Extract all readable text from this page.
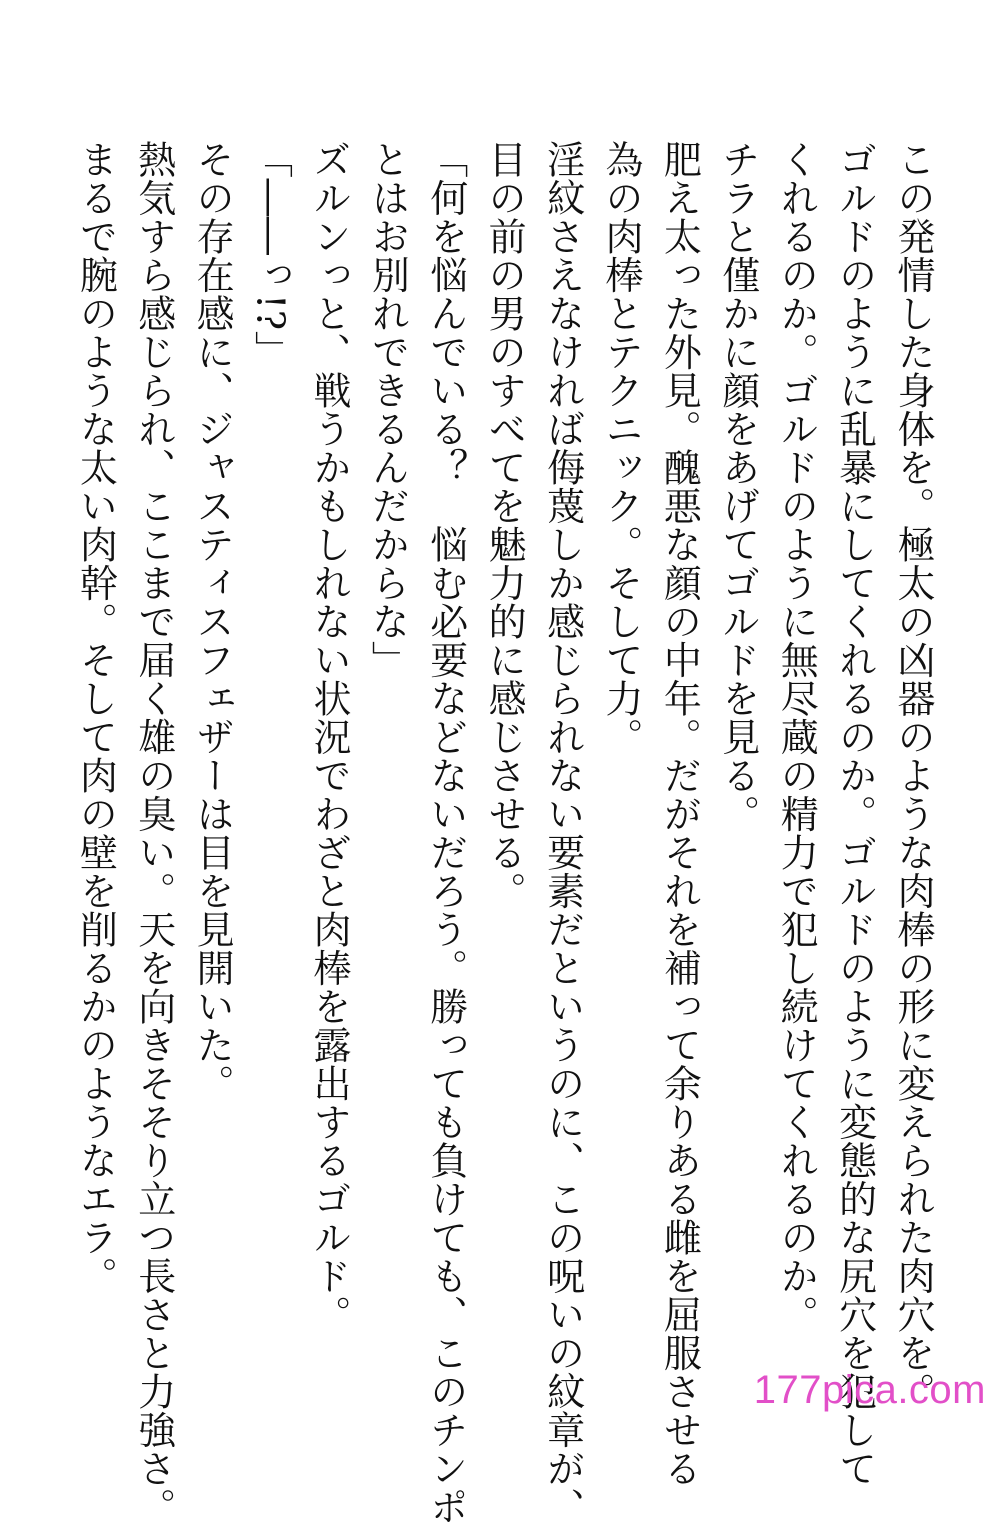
この発情した身体を。極太の凶器のような肉棒の形に変えられた肉穴を。

ゴルドのように乱暴にしてくれるのか。ゴルドのように変態的な尻穴を犯して

くれるのか。ゴルドのように無尽蔵の精力で犯し続けてくれるのか。

チラと僅かに顔をあげてゴルドを見る。

肥え太った外見。醜悪な顔の中年。だがそれを補って余りある雌を屈服させる

為の肉棒とテクニック。そして力。

淫紋さえなければ侮蔑しか感じられない要素だというのに、この呪いの紋章が、

目の前の男のすべてを魅力的に感じさせる。

「何を悩んでいる？　悩む必要などないだろう。勝っても負けても、このチンポ

とはお別れできるんだからな」

ズルンっと、戦うかもしれない状況でわざと肉棒を露出するゴルド。

「――っ!?」

その存在感に、ジャスティスフェザーは目を見開いた。

熱気すら感じられ、ここまで届く雄の臭い。天を向きそそり立つ長さと力強さ。

まるで腕のような太い肉幹。そして肉の壁を削るかのようなエラ。

177pica.com
